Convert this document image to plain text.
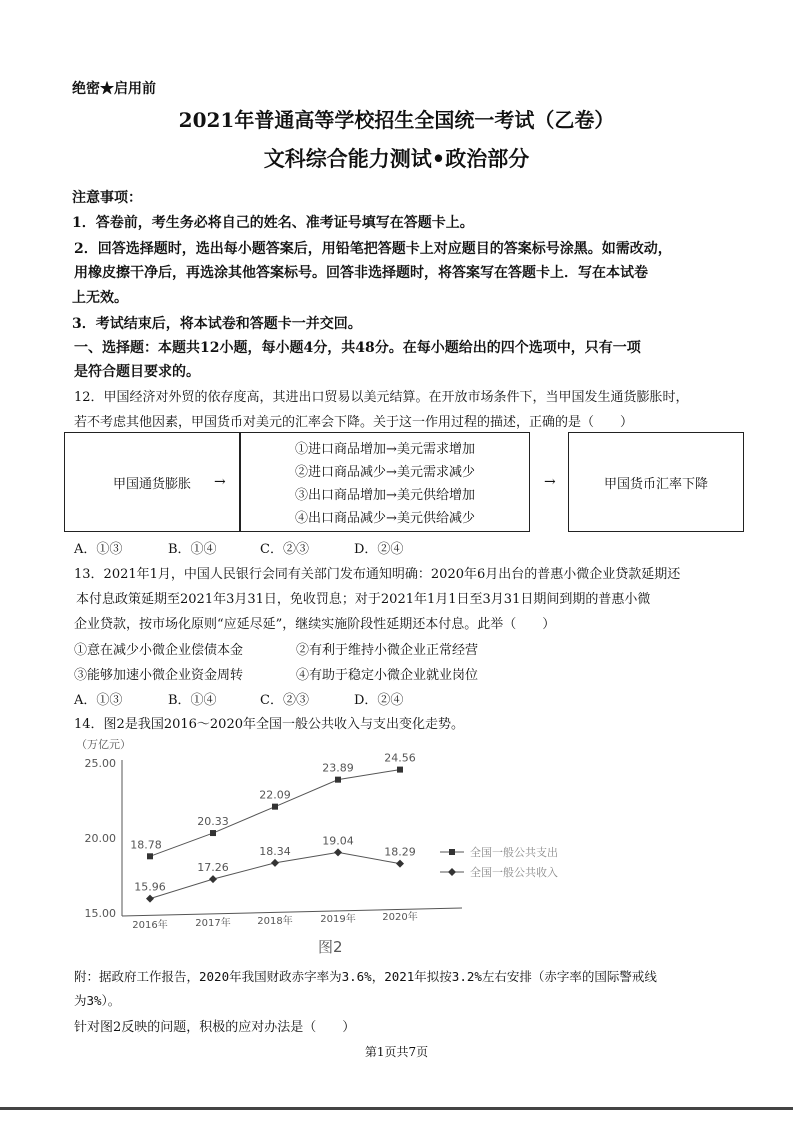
绝密★启用前
2021年普通高等学校招生全国统一考试（乙卷）
文科综合能力测试•政治部分
注意事项：
1．答卷前，考生务必将自己的姓名、准考证号填写在答题卡上。
2．回答选择题时，选出每小题答案后，用铅笔把答题卡上对应题目的答案标号涂黑。如需改动，
用橡皮擦干净后，再选涂其他答案标号。回答非选择题时，将答案写在答题卡上．写在本试卷
上无效。
3．考试结束后，将本试卷和答题卡一并交回。
一、选择题：本题共12小题，每小题4分，共48分。在每小题给出的四个选项中，只有一项
是符合题目要求的。
12．甲国经济对外贸的依存度高，其进出口贸易以美元结算。在开放市场条件下，当甲国发生通货膨胀时，
若不考虑其他因素，甲国货币对美元的汇率会下降。关于这一作用过程的描述，正确的是（　　）
甲国通货膨胀 →
①进口商品增加→美元需求增加
②进口商品减少→美元需求减少
③出口商品增加→美元供给增加
④出口商品减少→美元供给减少
→	甲国货币汇率下降
A．①③	B．①④	C．②③	D．②④
13．2021年1月，中国人民银行会同有关部门发布通知明确：2020年6月出台的普惠小微企业贷款延期还
本付息政策延期至2021年3月31日，免收罚息；对于2021年1月1日至3月31日期间到期的普惠小微
企业贷款，按市场化原则“应延尽延”，继续实施阶段性延期还本付息。此举（　　）
①意在减少小微企业偿债本金	②有利于维持小微企业正常经营
③能够加速小微企业资金周转	④有助于稳定小微企业就业岗位
A．①③	B．①④	C．②③	D．②④
14．图2是我国2016～2020年全国一般公共收入与支出变化走势。
（万亿元）
25.00
20.00
15.00
2016年	2017年	2018年	2019年	2020年
18.78
20.33
22.09
23.89
24.56
15.96
17.26
18.34
19.04
18.29	全国一般公共支出
全国一般公共收入
图2
附：据政府工作报告，2020年我国财政赤字率为3.6%，2021年拟按3.2%左右安排（赤字率的国际警戒线
为3%）。
针对图2反映的问题，积极的应对办法是（　　）
第1页共7页
